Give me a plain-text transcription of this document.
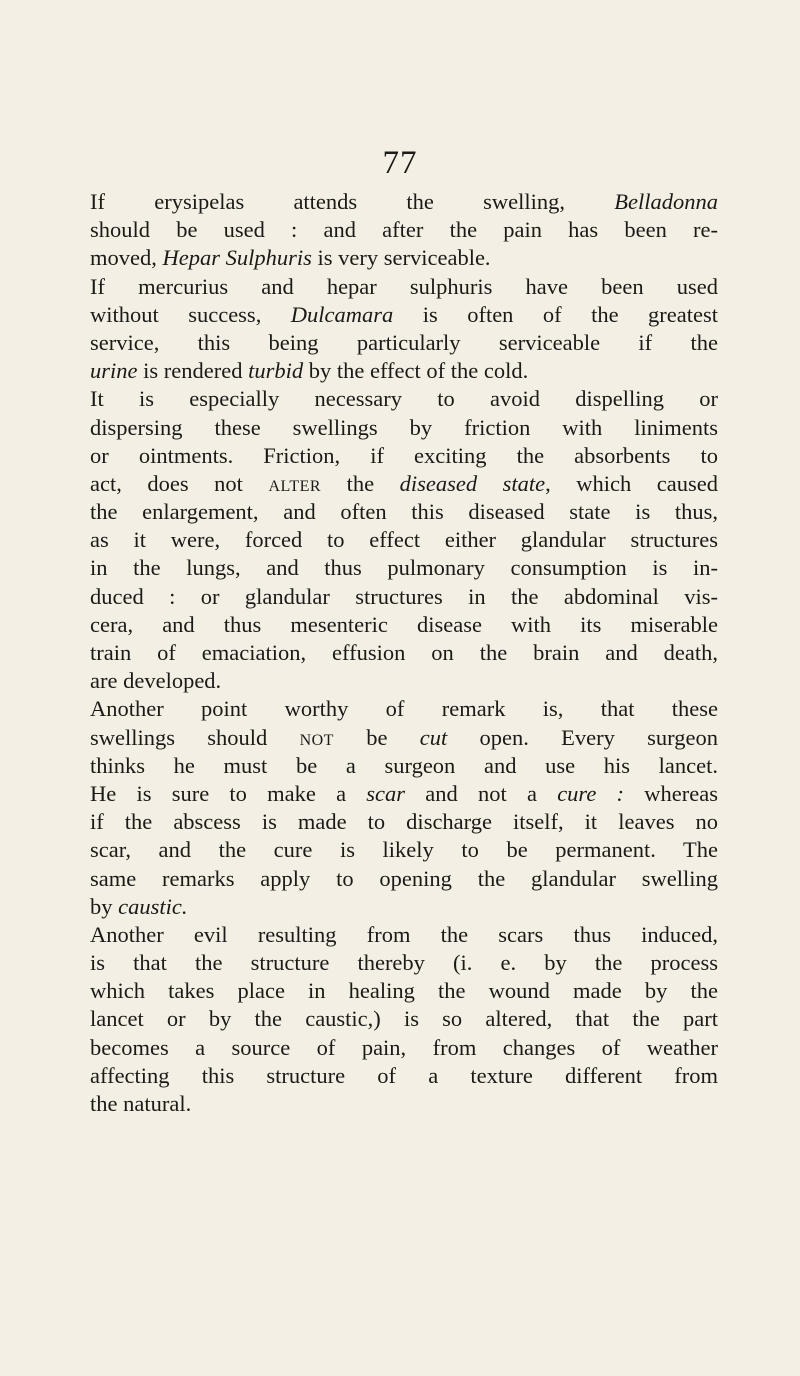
77
If erysipelas attends the swelling, Belladonna
should be used : and after the pain has been re-
moved, Hepar Sulphuris is very serviceable.
If mercurius and hepar sulphuris have been used
without success, Dulcamara is often of the greatest
service, this being particularly serviceable if the
urine is rendered turbid by the effect of the cold.
It is especially necessary to avoid dispelling or
dispersing these swellings by friction with liniments
or ointments. Friction, if exciting the absorbents to
act, does not alter the diseased state, which caused
the enlargement, and often this diseased state is thus,
as it were, forced to effect either glandular structures
in the lungs, and thus pulmonary consumption is in-
duced : or glandular structures in the abdominal vis-
cera, and thus mesenteric disease with its miserable
train of emaciation, effusion on the brain and death,
are developed.
Another point worthy of remark is, that these
swellings should not be cut open. Every surgeon
thinks he must be a surgeon and use his lancet.
He is sure to make a scar and not a cure : whereas
if the abscess is made to discharge itself, it leaves no
scar, and the cure is likely to be permanent. The
same remarks apply to opening the glandular swelling
by caustic.
Another evil resulting from the scars thus induced,
is that the structure thereby (i. e. by the process
which takes place in healing the wound made by the
lancet or by the caustic,) is so altered, that the part
becomes a source of pain, from changes of weather
affecting this structure of a texture different from
the natural.
